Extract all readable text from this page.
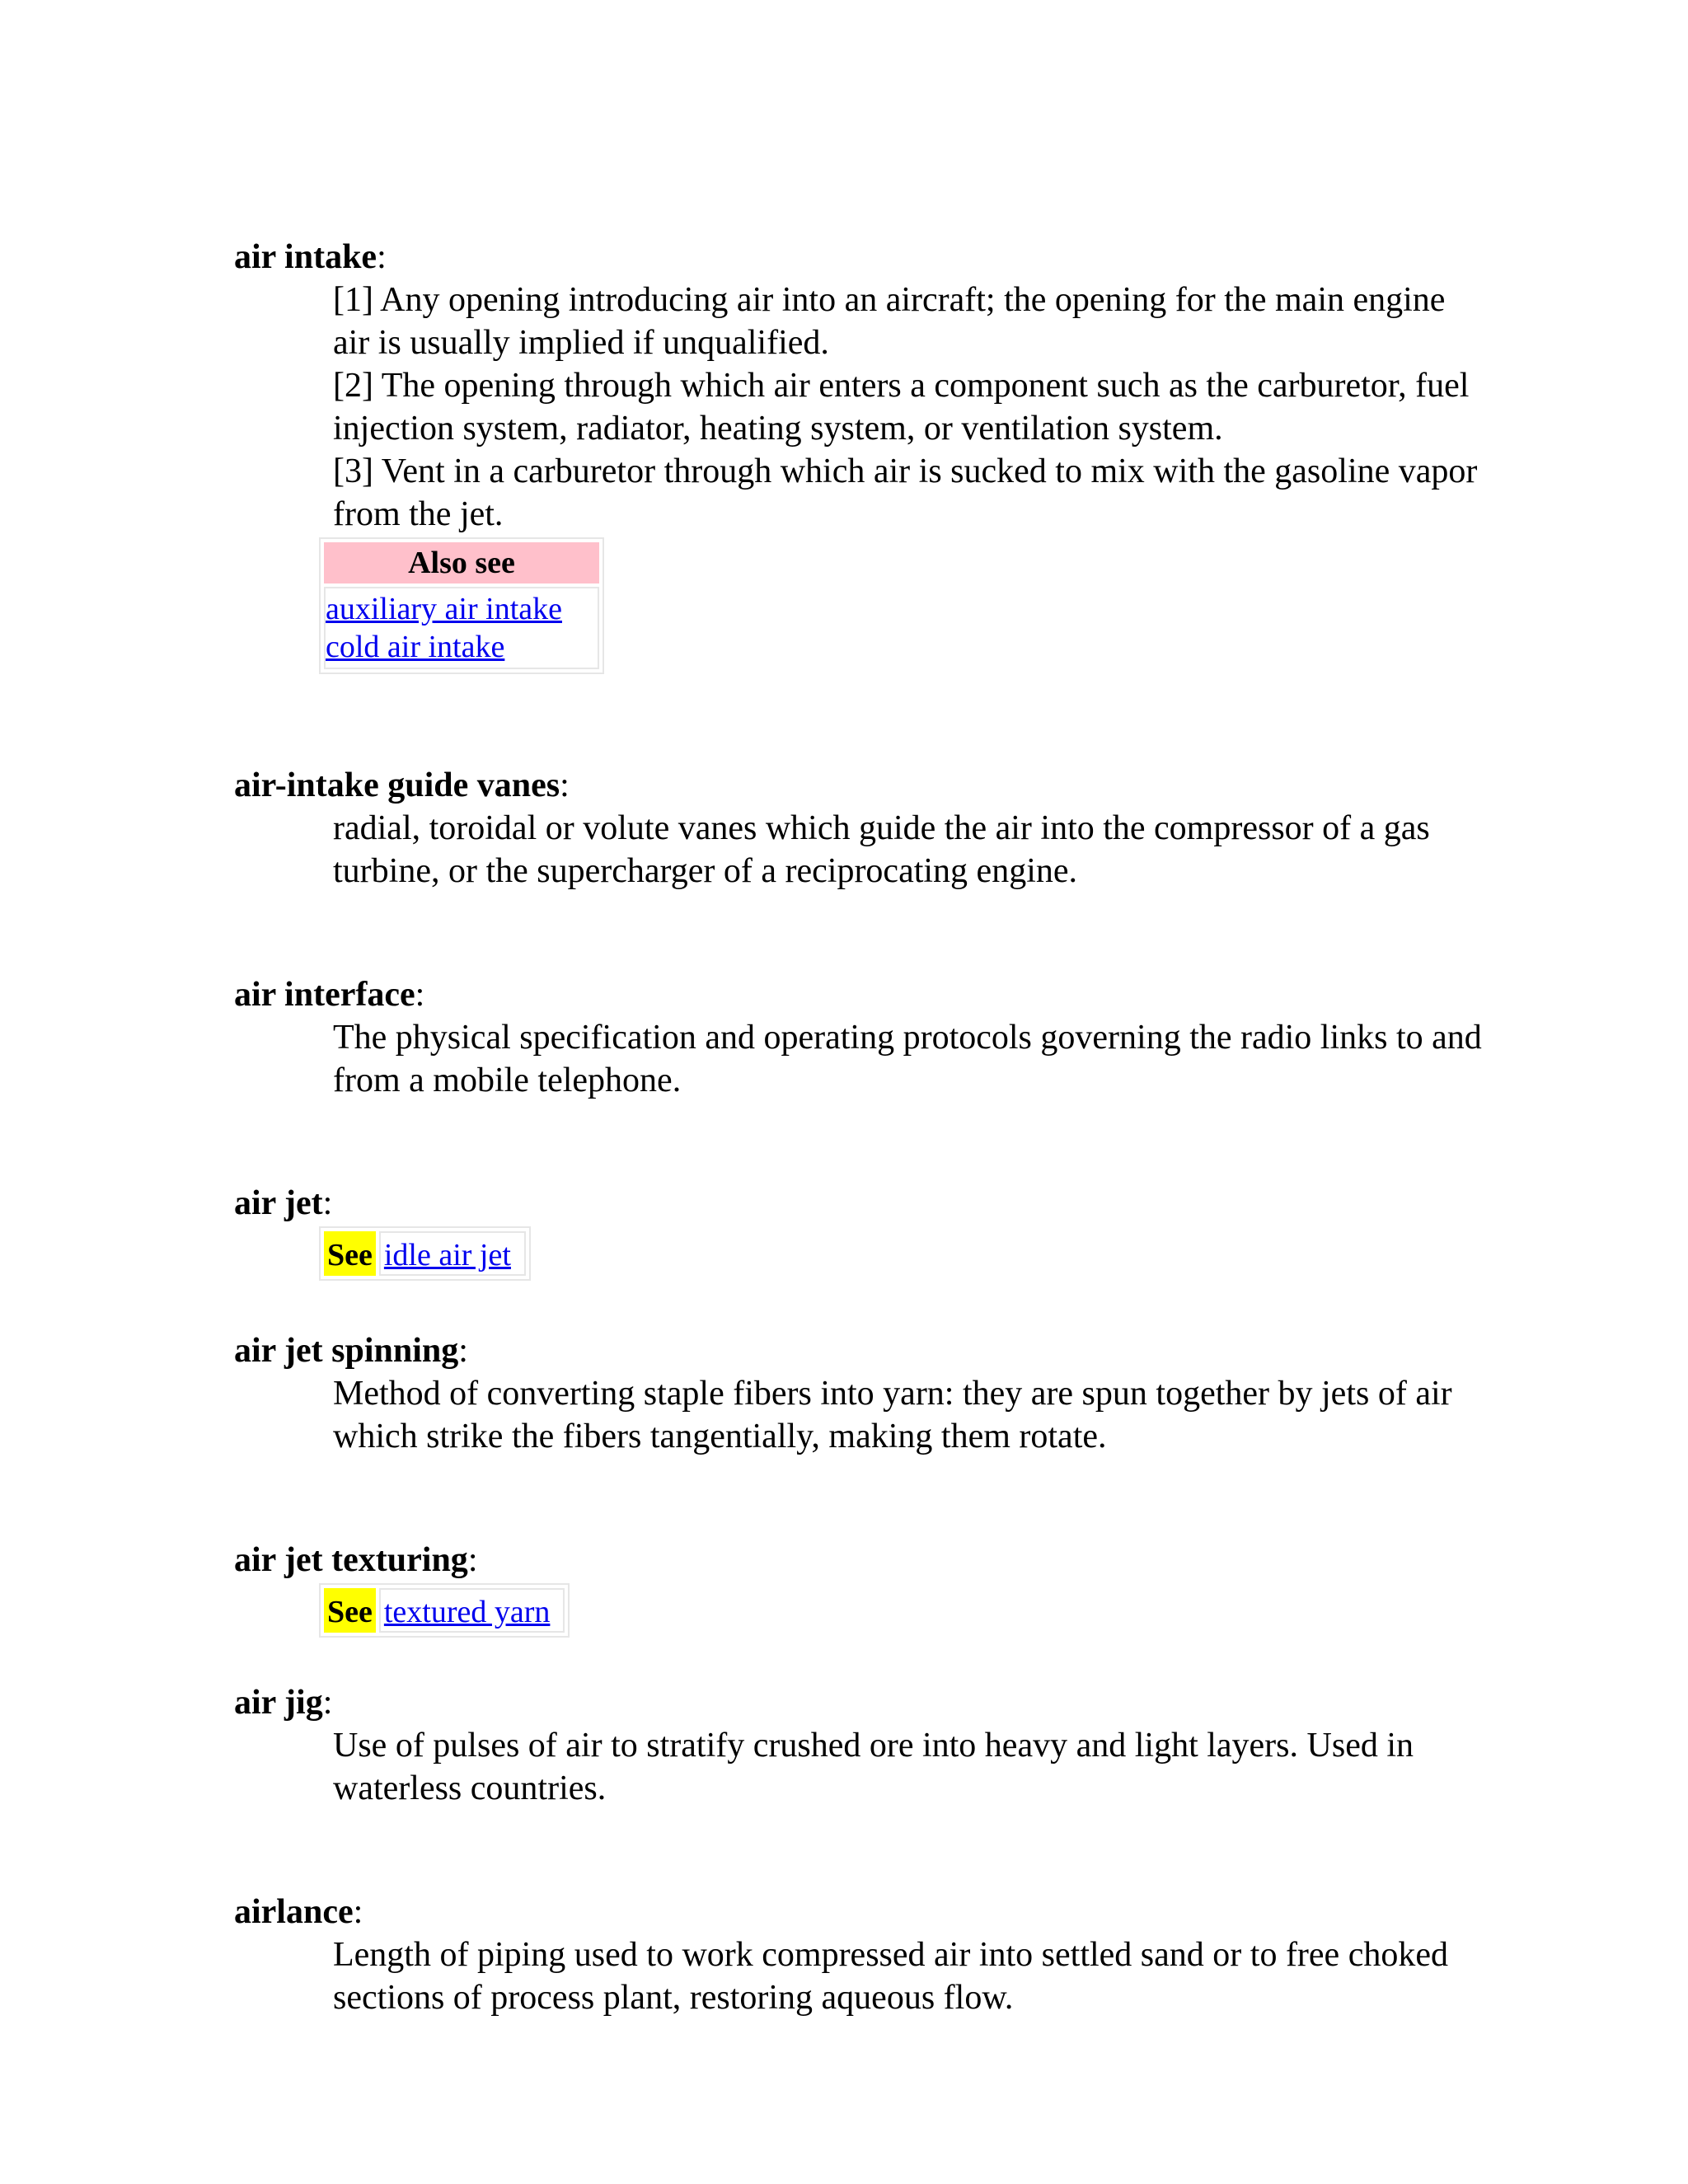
air intake:

[1] Any opening introducing air into an aircraft; the opening for the main engine air is usually implied if unqualified.

[2] The opening through which air enters a component such as the carburetor, fuel injection system, radiator, heating system, or ventilation system.

[3] Vent in a carburetor through which air is sucked to mix with the gasoline vapor from the jet.

Also see

auxiliary air intake
cold air intake
air-intake guide vanes:
radial, toroidal or volute vanes which guide the air into the compressor of a gas turbine, or the supercharger of a reciprocating engine.
air interface:
The physical specification and operating protocols governing the radio links to and from a mobile telephone.
air jet:
See	idle air jet
air jet spinning:
Method of converting staple fibers into yarn: they are spun together by jets of air which strike the fibers tangentially, making them rotate.
air jet texturing:
See	textured yarn
air jig:
Use of pulses of air to stratify crushed ore into heavy and light layers. Used in waterless countries.
airlance:
Length of piping used to work compressed air into settled sand or to free choked sections of process plant, restoring aqueous flow.
